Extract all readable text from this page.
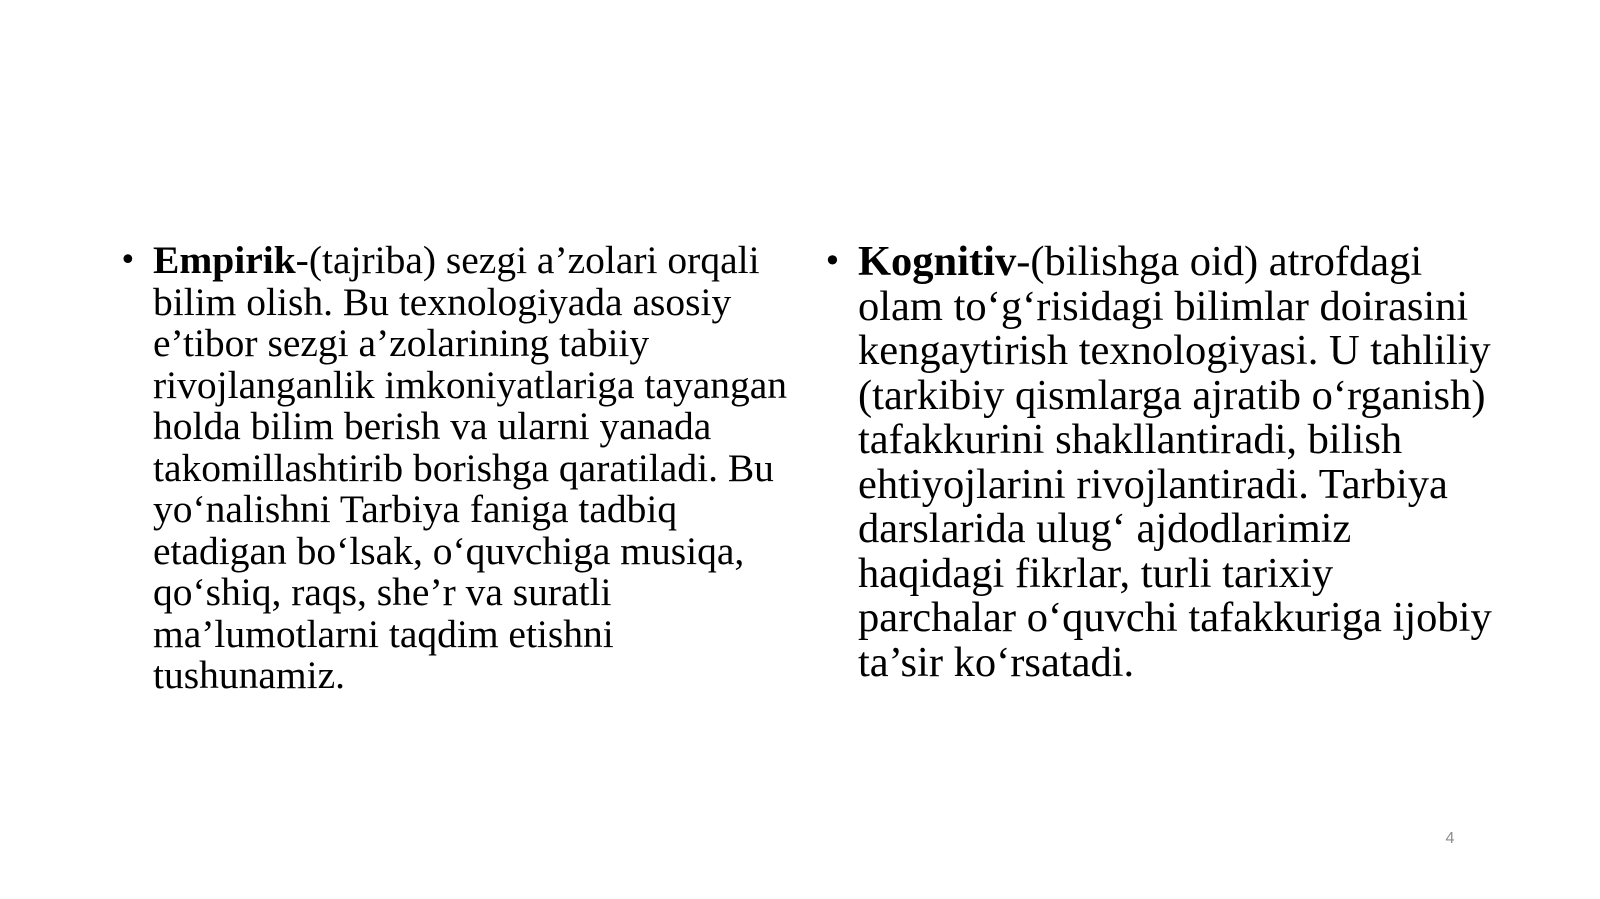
• Empirik-(tajriba) sezgi a’zolari orqali bilim olish. Bu texnologiyada asosiy e’tibor sezgi a’zolarining tabiiy rivojlanganlik imkoniyatlariga tayangan holda bilim berish va ularni yanada takomillashtirib borishga qaratiladi. Bu yo‘nalishni Tarbiya faniga tadbiq etadigan bo‘lsak, o‘quvchiga musiqa, qo‘shiq, raqs, she’r va suratli ma’lumotlarni taqdim etishni tushunamiz.

• Kognitiv-(bilishga oid) atrofdagi olam to‘g‘risidagi bilimlar doirasini kengaytirish texnologiyasi. U tahliliy (tarkibiy qismlarga ajratib o‘rganish) tafakkurini shakllantiradi, bilish ehtiyojlarini rivojlantiradi. Tarbiya darslarida ulug‘ ajdodlarimiz haqidagi fikrlar, turli tarixiy parchalar o‘quvchi tafakkuriga ijobiy ta’sir ko‘rsatadi.

4
